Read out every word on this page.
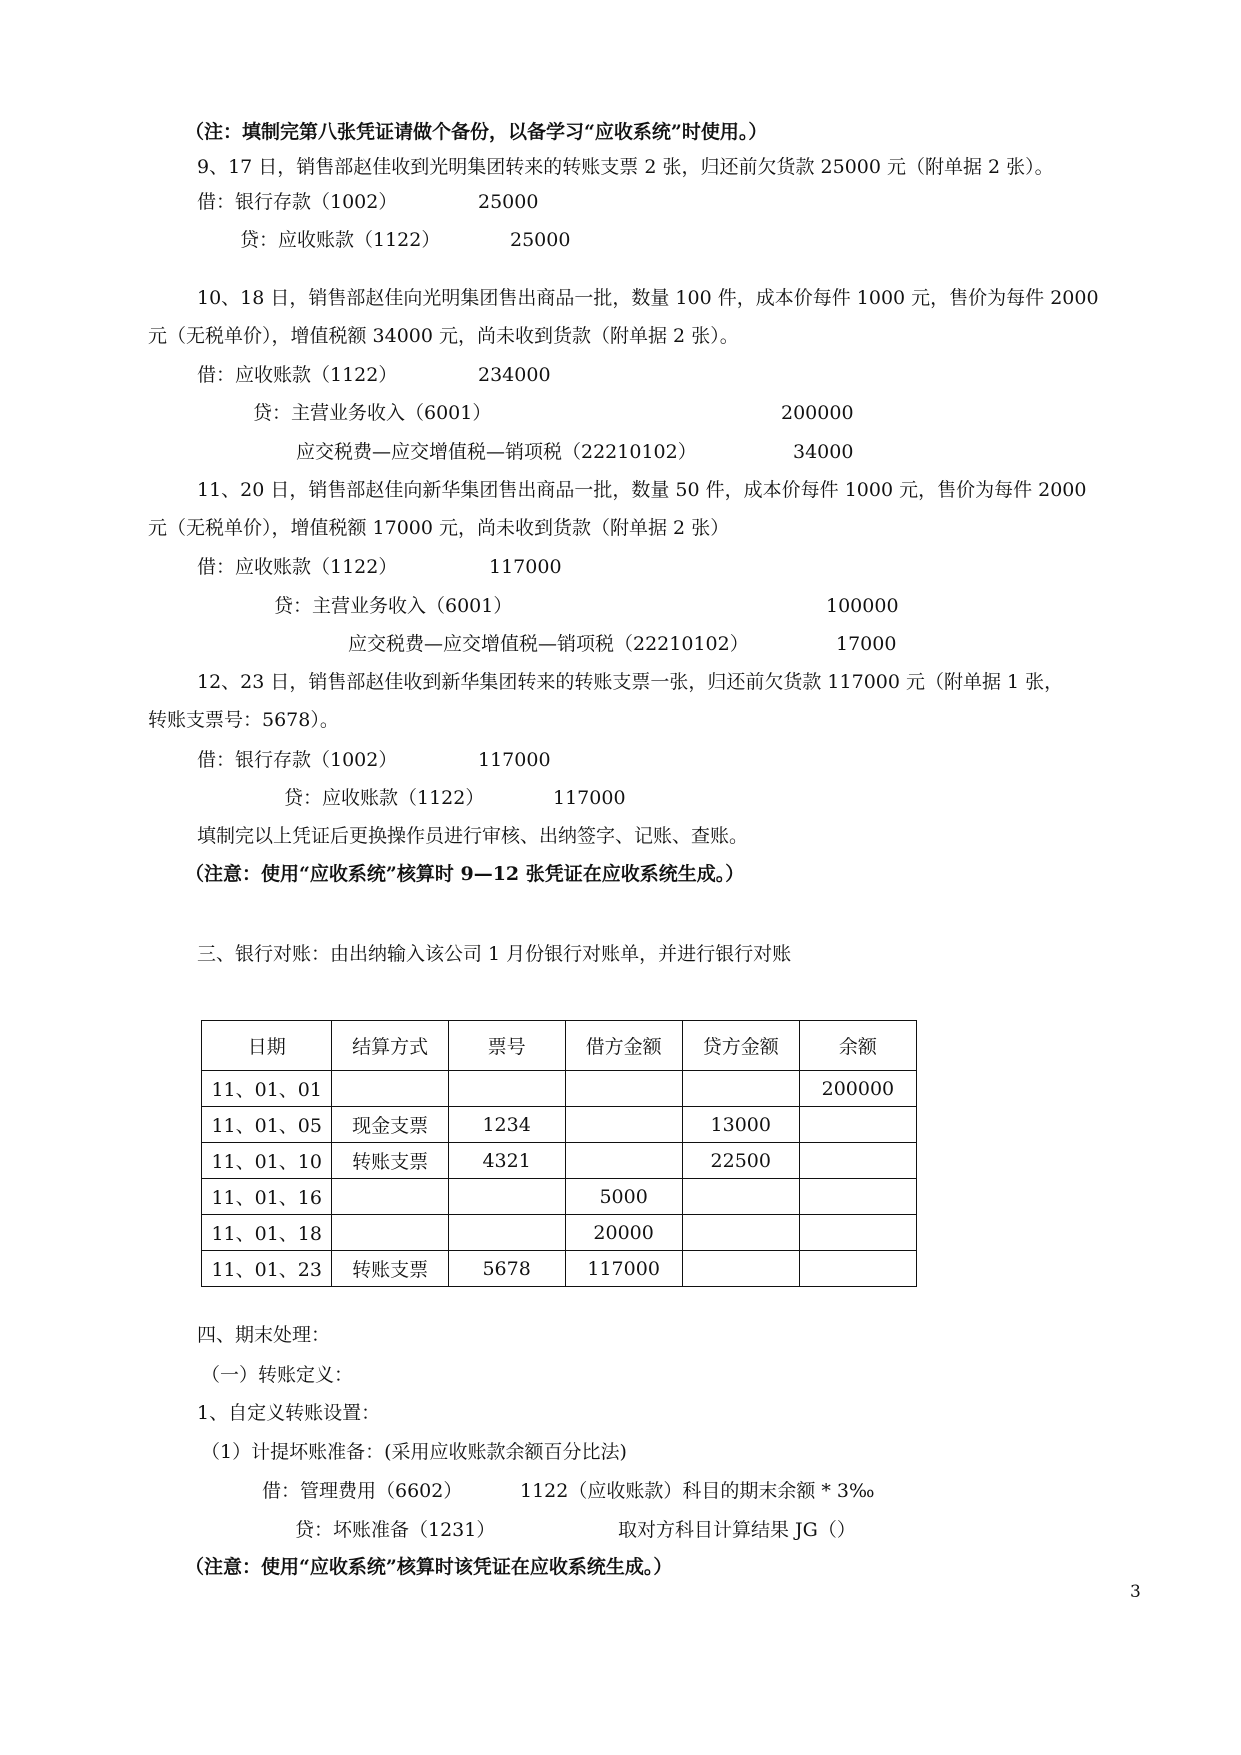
（注：填制完第八张凭证请做个备份，以备学习“应收系统”时使用。）
9、17 日，销售部赵佳收到光明集团转来的转账支票 2 张，归还前欠货款 25000 元（附单据 2 张）。
借：银行存款（1002）	25000
贷：应收账款（1122）	25000
10、18 日，销售部赵佳向光明集团售出商品一批，数量 100 件，成本价每件 1000 元，售价为每件 2000
元（无税单价），增值税额 34000 元，尚未收到货款（附单据 2 张）。
借：应收账款（1122）	234000
贷：主营业务收入（6001）	200000
应交税费—应交增值税—销项税（22210102）	34000
11、20 日，销售部赵佳向新华集团售出商品一批，数量 50 件，成本价每件 1000 元，售价为每件 2000
元（无税单价），增值税额 17000 元，尚未收到货款（附单据 2 张）
借：应收账款（1122）	117000
贷：主营业务收入（6001）	100000
应交税费—应交增值税—销项税（22210102）	17000
12、23 日，销售部赵佳收到新华集团转来的转账支票一张，归还前欠货款 117000 元（附单据 1 张，
转账支票号：5678）。
借：银行存款（1002）	117000
贷：应收账款（1122）	117000
填制完以上凭证后更换操作员进行审核、出纳签字、记账、查账。
（注意：使用“应收系统”核算时 9—12 张凭证在应收系统生成。）
三、银行对账：由出纳输入该公司 1 月份银行对账单，并进行银行对账
日期	结算方式	票号	借方金额	贷方金额	余额
11、01、01					200000
11、01、05	现金支票	1234		13000	
11、01、10	转账支票	4321		22500	
11、01、16			5000		
11、01、18			20000		
11、01、23	转账支票	5678	117000		
四、期末处理：
（一）转账定义：
1、自定义转账设置：
（1）计提坏账准备：(采用应收账款余额百分比法)
借：管理费用（6602）	1122（应收账款）科目的期末余额 * 3‰
贷：坏账准备（1231）	取对方科目计算结果 JG（）
（注意：使用“应收系统”核算时该凭证在应收系统生成。）
3
